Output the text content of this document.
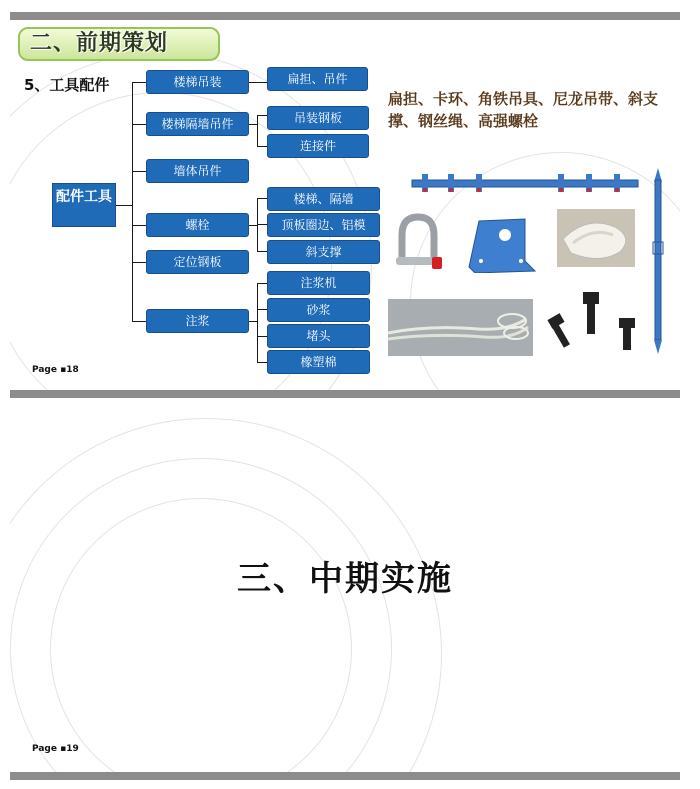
二、前期策划
5、工具配件
配件工具
楼梯吊装
楼梯隔墙吊件
墙体吊件
螺栓
定位钢板
注浆
扁担、吊件
吊装钢板
连接件
楼梯、隔墙
顶板圈边、铝模
斜支撑
注浆机
砂浆
堵头
橡塑棉
扁担、卡环、角铁吊具、尼龙吊带、斜支撑、钢丝绳、高强螺栓
Page ▪18
三、中期实施
Page ▪19
